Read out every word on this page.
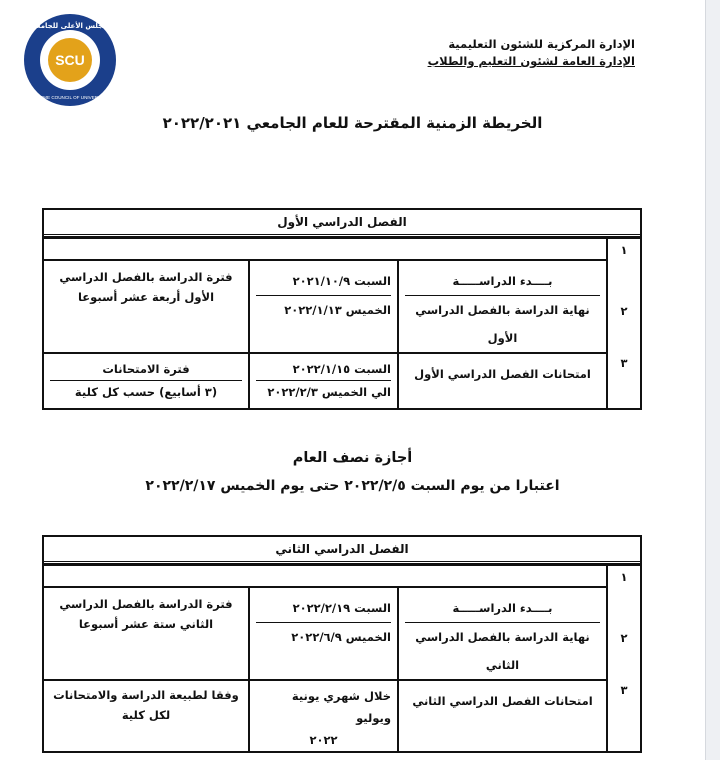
SCU
المجلس الأعلى للجامعات
SUPREME COUNCIL OF UNIVERSITIES
الإدارة المركزية للشئون التعليمية
الإدارة العامة لشئون التعليم والطلاب
الخريطة الزمنية المقترحة للعام الجامعي ٢٠٢٢/٢٠٢١
الفصل الدراسي الأول
١
٢
٣
بــــدء الدراســـــة
نهاية الدراسة بالفصل الدراسي الأول
السبت ٢٠٢١/١٠/٩
الخميس ٢٠٢٢/١/١٣
فترة الدراسة بالفصل الدراسي الأول أربعة عشر أسبوعا
امتحانات الفصل الدراسي الأول
السبت ٢٠٢٢/١/١٥
الي الخميس ٢٠٢٢/٢/٣
فترة الامتحانات
(٣ أسابيع) حسب كل كلية
أجازة نصف العام
اعتبارا من يوم السبت ٢٠٢٢/٢/٥ حتى يوم الخميس ٢٠٢٢/٢/١٧
الفصل الدراسي الثاني
١
٢
٣
بــــدء الدراســـــة
نهاية الدراسة بالفصل الدراسي الثاني
السبت ٢٠٢٢/٢/١٩
الخميس ٢٠٢٢/٦/٩
فترة الدراسة بالفصل الدراسي الثاني ستة عشر أسبوعا
امتحانات الفصل الدراسي الثاني
خلال شهري يونية ويوليو
٢٠٢٢
وفقا لطبيعة الدراسة والامتحانات لكل كلية
